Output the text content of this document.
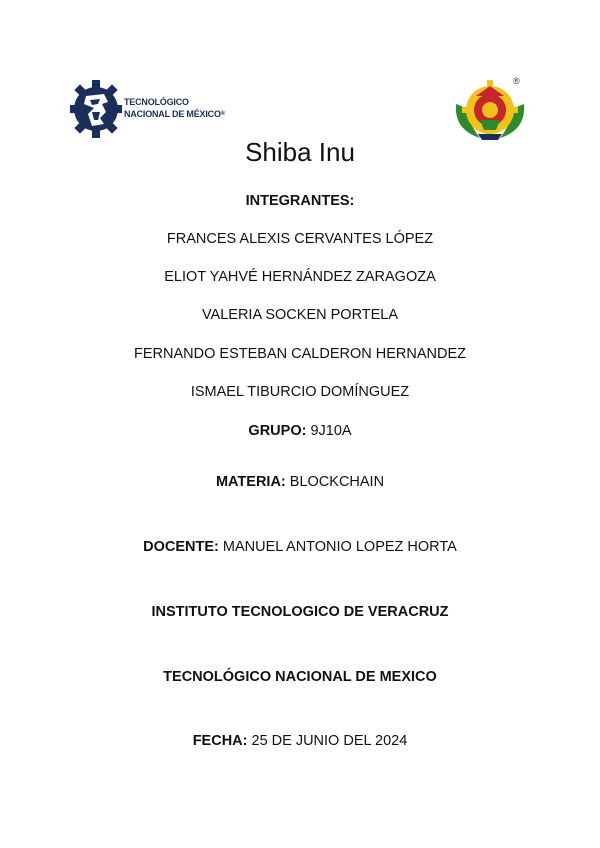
TECNOLÓGICO
NACIONAL DE MÉXICO®
®
Shiba Inu
INTEGRANTES:
FRANCES ALEXIS CERVANTES LÓPEZ
ELIOT YAHVÉ HERNÁNDEZ ZARAGOZA
VALERIA SOCKEN PORTELA
FERNANDO ESTEBAN CALDERON HERNANDEZ
ISMAEL TIBURCIO DOMÍNGUEZ
GRUPO: 9J10A
MATERIA: BLOCKCHAIN
DOCENTE: MANUEL ANTONIO LOPEZ HORTA
INSTITUTO TECNOLOGICO DE VERACRUZ
TECNOLÓGICO NACIONAL DE MEXICO
FECHA: 25 DE JUNIO DEL 2024
